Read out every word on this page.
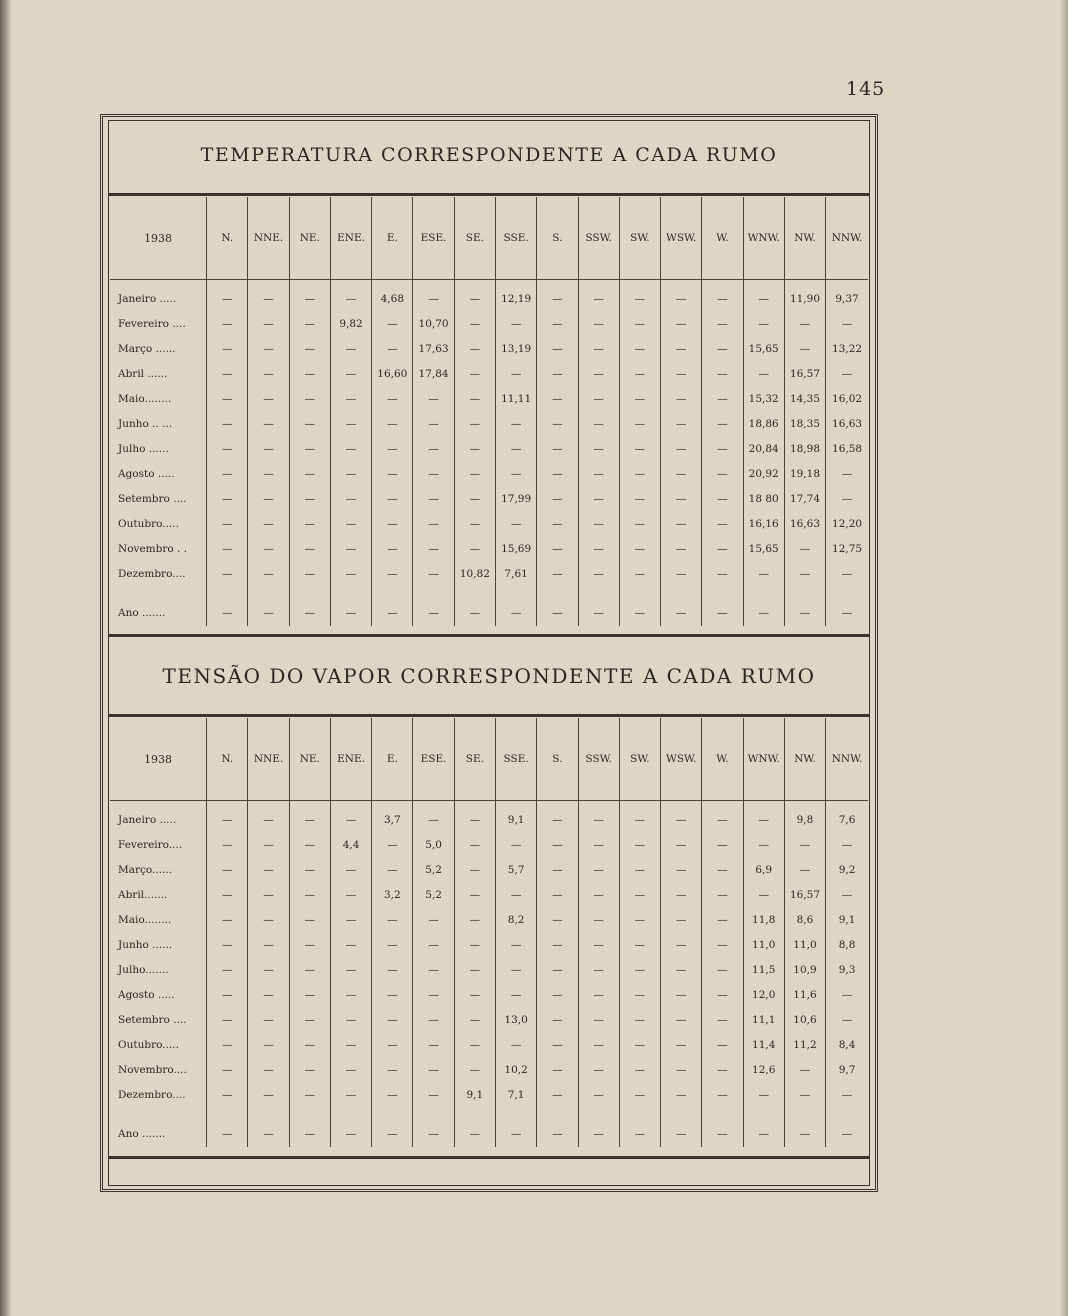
145
TEMPERATURA CORRESPONDENTE A CADA RUMO
1938	N.	NNE.	NE.	ENE.	E.	ESE.	SE.	SSE.	S.	SSW.	SW.	WSW.	W.	WNW.	NW.	NNW.
Janeiro .....	—	—	—	—	4,68	—	—	12,19	—	—	—	—	—	—	11,90	9,37
Fevereiro ....	—	—	—	9,82	—	10,70	—	—	—	—	—	—	—	—	—	—
Março ......	—	—	—	—	—	17,63	—	13,19	—	—	—	—	—	15,65	—	13,22
Abril ......	—	—	—	—	16,60	17,84	—	—	—	—	—	—	—	—	16,57	—
Maio........	—	—	—	—	—	—	—	11,11	—	—	—	—	—	15,32	14,35	16,02
Junho .. ...	—	—	—	—	—	—	—	—	—	—	—	—	—	18,86	18,35	16,63
Julho ......	—	—	—	—	—	—	—	—	—	—	—	—	—	20,84	18,98	16,58
Agosto .....	—	—	—	—	—	—	—	—	—	—	—	—	—	20,92	19,18	—
Setembro ....	—	—	—	—	—	—	—	17,99	—	—	—	—	—	18 80	17,74	—
Outubro.....	—	—	—	—	—	—	—	—	—	—	—	—	—	16,16	16,63	12,20
Novembro . .	—	—	—	—	—	—	—	15,69	—	—	—	—	—	15,65	—	12,75
Dezembro....	—	—	—	—	—	—	10,82	7,61	—	—	—	—	—	—	—	—

Ano .......	—	—	—	—	—	—	—	—	—	—	—	—	—	—	—	—
TENSÃO DO VAPOR CORRESPONDENTE A CADA RUMO
1938	N.	NNE.	NE.	ENE.	E.	ESE.	SE.	SSE.	S.	SSW.	SW.	WSW.	W.	WNW.	NW.	NNW.
Janeiro .....	—	—	—	—	3,7	—	—	9,1	—	—	—	—	—	—	9,8	7,6
Fevereiro....	—	—	—	4,4	—	5,0	—	—	—	—	—	—	—	—	—	—
Março......	—	—	—	—	—	5,2	—	5,7	—	—	—	—	—	6,9	—	9,2
Abril.......	—	—	—	—	3,2	5,2	—	—	—	—	—	—	—	—	16,57	—
Maio........	—	—	—	—	—	—	—	8,2	—	—	—	—	—	11,8	8,6	9,1
Junho ......	—	—	—	—	—	—	—	—	—	—	—	—	—	11,0	11,0	8,8
Julho.......	—	—	—	—	—	—	—	—	—	—	—	—	—	11,5	10,9	9,3
Agosto .....	—	—	—	—	—	—	—	—	—	—	—	—	—	12,0	11,6	—
Setembro ....	—	—	—	—	—	—	—	13,0	—	—	—	—	—	11,1	10,6	—
Outubro.....	—	—	—	—	—	—	—	—	—	—	—	—	—	11,4	11,2	8,4
Novembro....	—	—	—	—	—	—	—	10,2	—	—	—	—	—	12,6	—	9,7
Dezembro....	—	—	—	—	—	—	9,1	7,1	—	—	—	—	—	—	—	—

Ano .......	—	—	—	—	—	—	—	—	—	—	—	—	—	—	—	—
